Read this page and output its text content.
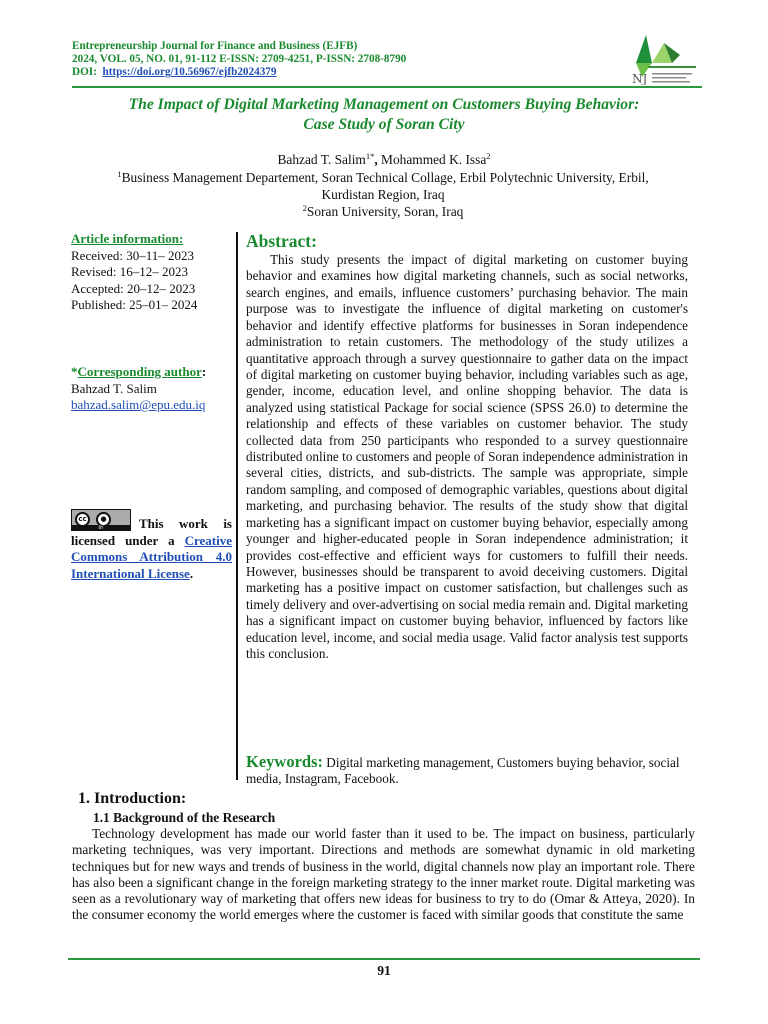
Entrepreneurship Journal for Finance and Business (EJFB)
2024, VOL. 05, NO. 01, 91-112 E-ISSN: 2709-4251, P-ISSN: 2708-8790
DOI: https://doi.org/10.56967/ejfb2024379	NJ
The Impact of Digital Marketing Management on Customers Buying Behavior:
Case Study of Soran City
Bahzad T. Salim$^{1*}$, Mohammed K. Issa$^2$
$^1$Business Management Departement, Soran Technical Collage, Erbil Polytechnic University, Erbil,
Kurdistan Region, Iraq
$^2$Soran University, Soran, Iraq
Article information:
Received: 30–11– 2023
Revised: 16–12– 2023
Accepted: 20–12– 2023
Published: 25–01– 2024
*Corresponding author:
Bahzad T. Salim
bahzad.salim@epu.edu.iq
cc	●
BY	This work is licensed under a Creative Commons Attribution 4.0 International License.
Abstract:

This study presents the impact of digital marketing on customer buying behavior and examines how digital marketing channels, such as social networks, search engines, and emails, influence customers’ purchasing behavior. The main purpose was to investigate the influence of digital marketing on customer's behavior and identify effective platforms for businesses in Soran independence administration to retain customers. The methodology of the study utilizes a quantitative approach through a survey questionnaire to gather data on the impact of digital marketing on customer buying behavior, including variables such as age, gender, income, education level, and online shopping behavior. The data is analyzed using statistical Package for social science (SPSS 26.0) to determine the relationship and effects of these variables on customer behavior. The study collected data from 250 participants who responded to a survey questionnaire distributed online to customers and people of Soran independence administration in several cities, districts, and sub-districts. The sample was appropriate, simple random sampling, and composed of demographic variables, questions about digital marketing, and purchasing behavior. The results of the study show that digital marketing has a significant impact on customer buying behavior, especially among younger and higher-educated people in Soran independence administration; it provides cost-effective and efficient ways for customers to fulfill their needs. However, businesses should be transparent to avoid deceiving customers. Digital marketing has a positive impact on customer satisfaction, but challenges such as timely delivery and over-advertising on social media remain and. Digital marketing has a significant impact on customer buying behavior, influenced by factors like education level, income, and social media usage. Valid factor analysis test supports this conclusion.

Keywords: Digital marketing management, Customers buying behavior, social media, Instagram, Facebook.
1. Introduction:
1.1 Background of the Research

Technology development has made our world faster than it used to be. The impact on business, particularly marketing techniques, was very important. Directions and methods are somewhat dynamic in old marketing techniques but for new ways and trends of business in the world, digital channels now play an important role. There has also been a significant change in the foreign marketing strategy to the inner market route. Digital marketing was seen as a revolutionary way of marketing that offers new ideas for business to try to do (Omar & Atteya, 2020). In the consumer economy the world emerges where the customer is faced with similar goods that constitute the same

91
